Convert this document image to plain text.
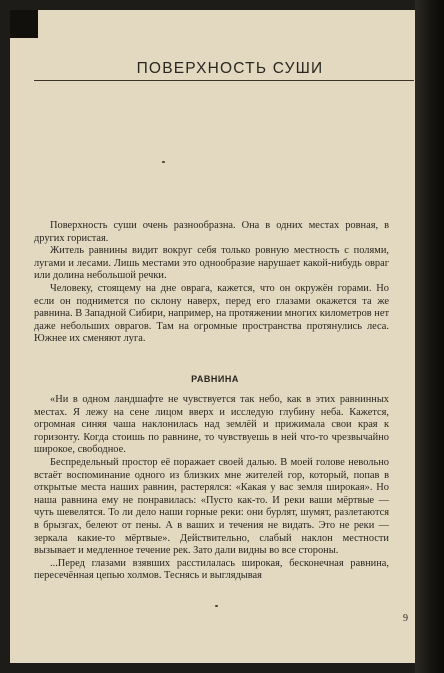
ПОВЕРХНОСТЬ СУШИ

Поверхность суши очень разнообразна. Она в одних местах ровная, в других гористая.

Житель равнины видит вокруг себя только ровную местность с полями, лугами и лесами. Лишь местами это однообразие нарушает какой-нибудь овраг или долина небольшой речки.

Человеку, стоящему на дне оврага, кажется, что он окружён горами. Но если он поднимется по склону наверх, перед его глазами окажется та же равнина. В Западной Сибири, например, на протяжении многих километров нет даже небольших оврагов. Там на огромные пространства протянулись леса. Южнее их сменяют луга.

РАВНИНА

«Ни в одном ландшафте не чувствуется так небо, как в этих равнинных местах. Я лежу на сене лицом вверх и исследую глубину неба. Кажется, огромная синяя чаша наклонилась над землёй и прижимала свои края к горизонту. Когда стоишь по равнине, то чувствуешь в ней что-то чрезвычайно широкое, свободное.

Беспредельный простор её поражает своей далью. В моей голове невольно встаёт воспоминание одного из близких мне жителей гор, который, попав в открытые места наших равнин, растерялся: «Какая у вас земля широкая». Но наша равнина ему не понравилась: «Пусто как-то. И реки ваши мёртвые — чуть шевелятся. То ли дело наши горные реки: они бурлят, шумят, разлетаются в брызгах, белеют от пены. А в ваших и течения не видать. Это не реки — зеркала какие-то мёртвые». Действительно, слабый наклон местности вызывает и медленное течение рек. Зато дали видны во все стороны.

...Перед глазами взявших расстилалась широкая, бесконечная равнина, пересечённая цепью холмов. Теснясь и выглядывая

9
